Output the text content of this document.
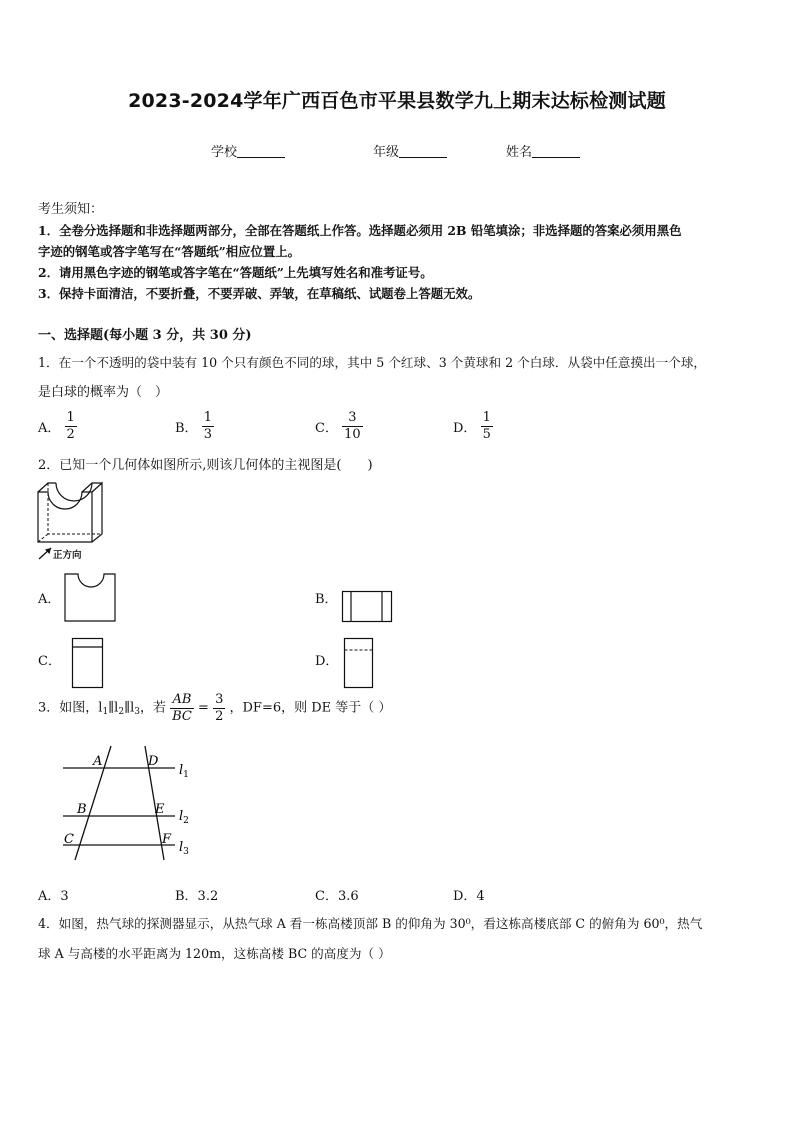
2023-2024学年广西百色市平果县数学九上期末达标检测试题
学校	年级	姓名
考生须知：
1．全卷分选择题和非选择题两部分，全部在答题纸上作答。选择题必须用 2B 铅笔填涂；非选择题的答案必须用黑色
字迹的钢笔或答字笔写在“答题纸”相应位置上。
2．请用黑色字迹的钢笔或答字笔在“答题纸”上先填写姓名和准考证号。
3．保持卡面清洁，不要折叠，不要弄破、弄皱，在草稿纸、试题卷上答题无效。
一、选择题(每小题 3 分，共 30 分)
1．在一个不透明的袋中装有 10 个只有颜色不同的球，其中 5 个红球、3 个黄球和 2 个白球．从袋中任意摸出一个球，
是白球的概率为（　）
A． $\frac{1}{2}$	B． $\frac{1}{3}$	C． $\frac{3}{10}$	D． $\frac{1}{5}$
2．已知一个几何体如图所示,则该几何体的主视图是(　　)
正方向
A．	B．
C．	D．
3．如图，l1∥l2∥l3，若 $\frac{AB}{BC} = \frac{3}{2}$ ，DF=6，则 DE 等于（ ）
A	D
B	E
C	F
$l_1$
$l_2$
$l_3$
A．3	B．3.2	C．3.6	D．4
4．如图，热气球的探测器显示，从热气球 A 看一栋高楼顶部 B 的仰角为 30⁰，看这栋高楼底部 C 的俯角为 60⁰，热气
球 A 与高楼的水平距离为 120m，这栋高楼 BC 的高度为（ ）
